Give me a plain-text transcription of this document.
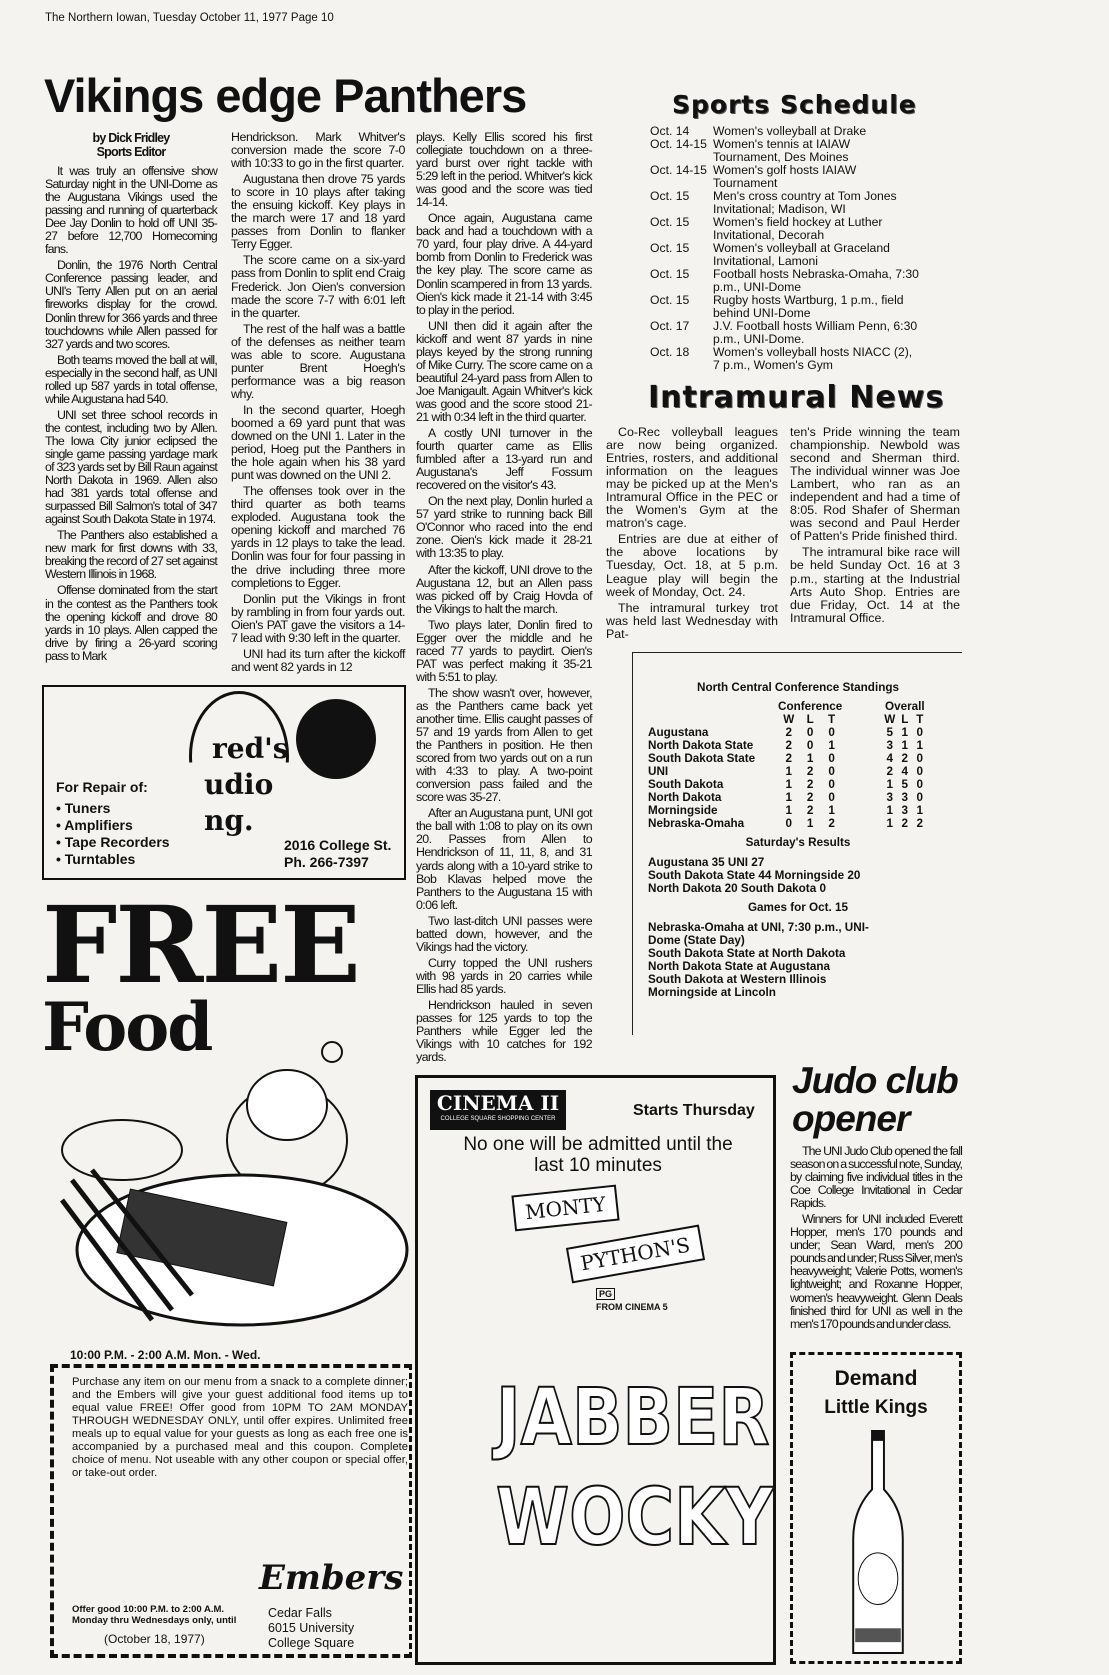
The Northern Iowan, Tuesday October 11, 1977 Page 10
Vikings edge Panthers
by Dick Fridley
Sports Editor

It was truly an offensive show Saturday night in the UNI-Dome as the Augustana Vikings used the passing and running of quarterback Dee Jay Donlin to hold off UNI 35-27 before 12,700 Homecoming fans.

Donlin, the 1976 North Central Conference passing leader, and UNI's Terry Allen put on an aerial fireworks display for the crowd. Donlin threw for 366 yards and three touchdowns while Allen passed for 327 yards and two scores.

Both teams moved the ball at will, especially in the second half, as UNI rolled up 587 yards in total offense, while Augustana had 540.

UNI set three school records in the contest, including two by Allen. The Iowa City junior eclipsed the single game passing yardage mark of 323 yards set by Bill Raun against North Dakota in 1969. Allen also had 381 yards total offense and surpassed Bill Salmon's total of 347 against South Dakota State in 1974.

The Panthers also established a new mark for first downs with 33, breaking the record of 27 set against Western Illinois in 1968.

Offense dominated from the start in the contest as the Panthers took the opening kickoff and drove 80 yards in 10 plays. Allen capped the drive by firing a 26-yard scoring pass to Mark

Hendrickson. Mark Whitver's conversion made the score 7-0 with 10:33 to go in the first quarter.

Augustana then drove 75 yards to score in 10 plays after taking the ensuing kickoff. Key plays in the march were 17 and 18 yard passes from Donlin to flanker Terry Egger.

The score came on a six-yard pass from Donlin to split end Craig Frederick. Jon Oien's conversion made the score 7-7 with 6:01 left in the quarter.

The rest of the half was a battle of the defenses as neither team was able to score. Augustana punter Brent Hoegh's performance was a big reason why.

In the second quarter, Hoegh boomed a 69 yard punt that was downed on the UNI 1. Later in the period, Hoeg put the Panthers in the hole again when his 38 yard punt was downed on the UNI 2.

The offenses took over in the third quarter as both teams exploded. Augustana took the opening kickoff and marched 76 yards in 12 plays to take the lead. Donlin was four for four passing in the drive including three more completions to Egger.

Donlin put the Vikings in front by rambling in from four yards out. Oien's PAT gave the visitors a 14-7 lead with 9:30 left in the quarter.

UNI had its turn after the kickoff and went 82 yards in 12

plays. Kelly Ellis scored his first collegiate touchdown on a three-yard burst over right tackle with 5:29 left in the period. Whitver's kick was good and the score was tied 14-14.

Once again, Augustana came back and had a touchdown with a 70 yard, four play drive. A 44-yard bomb from Donlin to Frederick was the key play. The score came as Donlin scampered in from 13 yards. Oien's kick made it 21-14 with 3:45 to play in the period.

UNI then did it again after the kickoff and went 87 yards in nine plays keyed by the strong running of Mike Curry. The score came on a beautiful 24-yard pass from Allen to Joe Manigault. Again Whitver's kick was good and the score stood 21-21 with 0:34 left in the third quarter.

A costly UNI turnover in the fourth quarter came as Ellis fumbled after a 13-yard run and Augustana's Jeff Fossum recovered on the visitor's 43.

On the next play, Donlin hurled a 57 yard strike to running back Bill O'Connor who raced into the end zone. Oien's kick made it 28-21 with 13:35 to play.

After the kickoff, UNI drove to the Augustana 12, but an Allen pass was picked off by Craig Hovda of the Vikings to halt the march.

Two plays later, Donlin fired to Egger over the middle and he raced 77 yards to paydirt. Oien's PAT was perfect making it 35-21 with 5:51 to play.

The show wasn't over, however, as the Panthers came back yet another time. Ellis caught passes of 57 and 19 yards from Allen to get the Panthers in position. He then scored from two yards out on a run with 4:33 to play. A two-point conversion pass failed and the score was 35-27.

After an Augustana punt, UNI got the ball with 1:08 to play on its own 20. Passes from Allen to Hendrickson of 11, 11, 8, and 31 yards along with a 10-yard strike to Bob Klavas helped move the Panthers to the Augustana 15 with 0:06 left.

Two last-ditch UNI passes were batted down, however, and the Vikings had the victory.

Curry topped the UNI rushers with 98 yards in 20 carries while Ellis had 85 yards.

Hendrickson hauled in seven passes for 125 yards to top the Panthers while Egger led the Vikings with 10 catches for 192 yards.

Sports Schedule
Oct. 14	Women's volleyball at Drake
Oct. 14-15 Women's tennis at IAIAW Tournament, Des Moines
Oct. 14-15 Women's golf hosts IAIAW Tournament
Oct. 15	Men's cross country at Tom Jones Invitational; Madison, WI
Oct. 15	Women's field hockey at Luther Invitational, Decorah
Oct. 15	Women's volleyball at Graceland Invitational, Lamoni
Oct. 15	Football hosts Nebraska-Omaha, 7:30 p.m., UNI-Dome
Oct. 15	Rugby hosts Wartburg, 1 p.m., field behind UNI-Dome
Oct. 17	J.V. Football hosts William Penn, 6:30 p.m., UNI-Dome.
Oct. 18	Women's volleyball hosts NIACC (2), 7 p.m., Women's Gym
Intramural News

Co-Rec volleyball leagues are now being organized. Entries, rosters, and additional information on the leagues may be picked up at the Men's Intramural Office in the PEC or the Women's Gym at the matron's cage.

Entries are due at either of the above locations by Tuesday, Oct. 18, at 5 p.m. League play will begin the week of Monday, Oct. 24.

The intramural turkey trot was held last Wednesday with Pat-

ten's Pride winning the team championship. Newbold was second and Sherman third. The individual winner was Joe Lambert, who ran as an independent and had a time of 8:05. Rod Shafer of Sherman was second and Paul Herder of Patten's Pride finished third.

The intramural bike race will be held Sunday Oct. 16 at 3 p.m., starting at the Industrial Arts Auto Shop. Entries are due Friday, Oct. 14 at the Intramural Office.

North Central Conference Standings
	Conference				Overall		
	W	L	T		W	L	T
Augustana	2	0	0		5	1	0
North Dakota State	2	0	1		3	1	1
South Dakota State	2	1	0		4	2	0
UNI	1	2	0		2	4	0
South Dakota	1	2	0		1	5	0
North Dakota	1	2	0		3	3	0
Morningside	1	2	1		1	3	1
Nebraska-Omaha	0	1	2		1	2	2
Saturday's Results
Augustana 35 UNI 27
South Dakota State 44 Morningside 20
North Dakota 20 South Dakota 0
Games for Oct. 15
Nebraska-Omaha at UNI, 7:30 p.m., UNI-Dome (State Day)
South Dakota State at North Dakota
North Dakota State at Augustana
South Dakota at Western Illinois
Morningside at Lincoln
red's
udio
ng.
For Repair of:
• Tuners
• Amplifiers
• Tape Recorders
• Turntables
2016 College St.
Ph. 266-7397
FREE
Food
10:00 P.M. - 2:00 A.M. Mon. - Wed.
Purchase any item on our menu from a snack to a complete dinner; and the Embers will give your guest additional food items up to equal value FREE! Offer good from 10PM TO 2AM MONDAY THROUGH WEDNESDAY ONLY, until offer expires. Unlimited free meals up to equal value for your guests as long as each free one is accompanied by a purchased meal and this coupon. Complete choice of menu. Not useable with any other coupon or special offer, or take-out order.
Offer good 10:00 P.M. to 2:00 A.M. Monday thru Wednesdays only, until
(October 18, 1977)
Embers
Cedar Falls
6015 University
College Square
CINEMA II
COLLEGE SQUARE SHOPPING CENTER	Starts Thursday
No one will be admitted until the last 10 minutes
MONTY
PYTHON'S
PG
FROM CINEMA 5
JABBER
WOCKY
Judo club
opener

The UNI Judo Club opened the fall season on a successful note, Sunday, by claiming five individual titles in the Coe College Invitational in Cedar Rapids.

Winners for UNI included Everett Hopper, men's 170 pounds and under; Sean Ward, men's 200 pounds and under; Russ Silver, men's heavyweight; Valerie Potts, women's lightweight; and Roxanne Hopper, women's heavyweight. Glenn Deals finished third for UNI as well in the men's 170 pounds and under class.

Demand
Little Kings
